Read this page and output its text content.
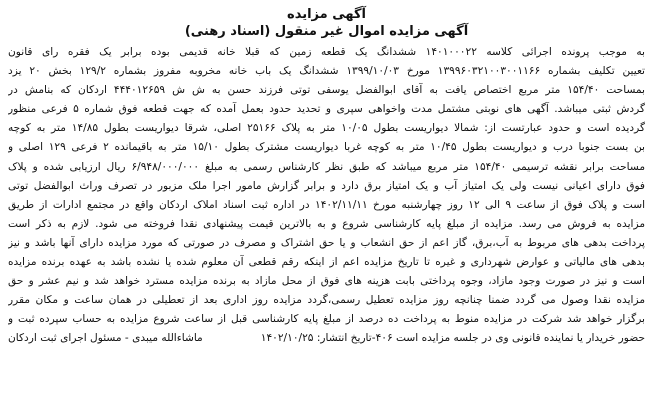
آگهی مزایده
آگهی مزایده اموال غیر منقول (اسناد رهنی)
به موجب پرونده اجرائی کلاسه ۱۴۰۱۰۰۰۲۲ ششدانگ یک قطعه زمین که قبلا خانه قدیمی بوده برابر یک فقره رای قانون
تعیین تکلیف بشماره ۱۳۹۹۶۰۳۲۱۰۰۳۰۰۱۱۶۶ مورخ ۱۳۹۹/۱۰/۰۳ ششدانگ یک باب خانه مخروبه مفروز بشماره ۱۲۹/۲ بخش ۲۰ یزد
بمساحت ۱۵۴/۴۰ متر مربع اختصاص یافت به آقای ابوالفضل یوسفی توتی فرزند حسن به ش ش ۴۴۴۰۱۲۶۵۹ اردکان که بنامش در
گردش ثبتی میباشد. آگهی های نوبتی مشتمل مدت واخواهی سپری و تحدید حدود بعمل آمده که جهت قطعه فوق شماره ۵ فرعی منظور
گردیده است و حدود عبارتست از: شمالا دیواریست بطول ۱۰/۰۵ متر به پلاک ۲۵۱۶۶ اصلی، شرقا دیواریست بطول ۱۴/۸۵ متر به کوچه
بن بست جنوبا درب و دیواریست بطول ۱۰/۴۵ متر به کوچه غربا دیواریست مشترک بطول ۱۵/۱۰ متر به باقیمانده ۲ فرعی ۱۲۹ اصلی و
مساحت برابر نقشه ترسیمی ۱۵۴/۴۰ متر مربع میباشد که طبق نظر کارشناس رسمی به مبلغ ۶/۹۴۸/۰۰۰/۰۰۰ ریال ارزیابی شده و پلاک
فوق دارای اعیانی نیست ولی یک امتیاز آب و یک امتیاز برق دارد و برابر گزارش مامور اجرا ملک مزبور در تصرف وراث ابوالفضل توتی
است و پلاک فوق از ساعت ۹ الی ۱۲ روز چهارشنبه مورخ ۱۴۰۲/۱۱/۱۱ در اداره ثبت اسناد املاک اردکان واقع در مجتمع ادارات از طریق
مزایده به فروش می رسد. مزایده از مبلغ پایه کارشناسی شروع و به بالاترین قیمت پیشنهادی نقدا فروخته می شود. لازم به ذکر است
پرداخت بدهی های مربوط به آب،برق، گاز اعم از حق انشعاب و یا حق اشتراک و مصرف در صورتی که مورد مزایده دارای آنها باشد و نیز
بدهی های مالیاتی و عوارض شهرداری و غیره تا تاریخ مزایده اعم از اینکه رقم قطعی آن معلوم شده یا نشده باشد به عهده برنده مزایده
است و نیز در صورت وجود مازاد، وجوه پرداختی بابت هزینه های فوق از محل مازاد به برنده مزایده مسترد خواهد شد و نیم عشر و حق
مزایده نقدا وصول می گردد ضمنا چنانچه روز مزایده تعطیل رسمی،گردد مزایده روز اداری بعد از تعطیلی در همان ساعت و مکان مقرر
برگزار خواهد شد شرکت در مزایده منوط به پرداخت ده درصد از مبلغ پایه کارشناسی قبل از ساعت شروع مزایده به حساب سپرده ثبت و
حضور خریدار یا نماینده قانونی وی در جلسه مزایده است ۴۰۶-تاریخ انتشار: ۱۴۰۲/۱۰/۲۵
ماشاءالله میبدی - مسئول اجرای ثبت اردکان
